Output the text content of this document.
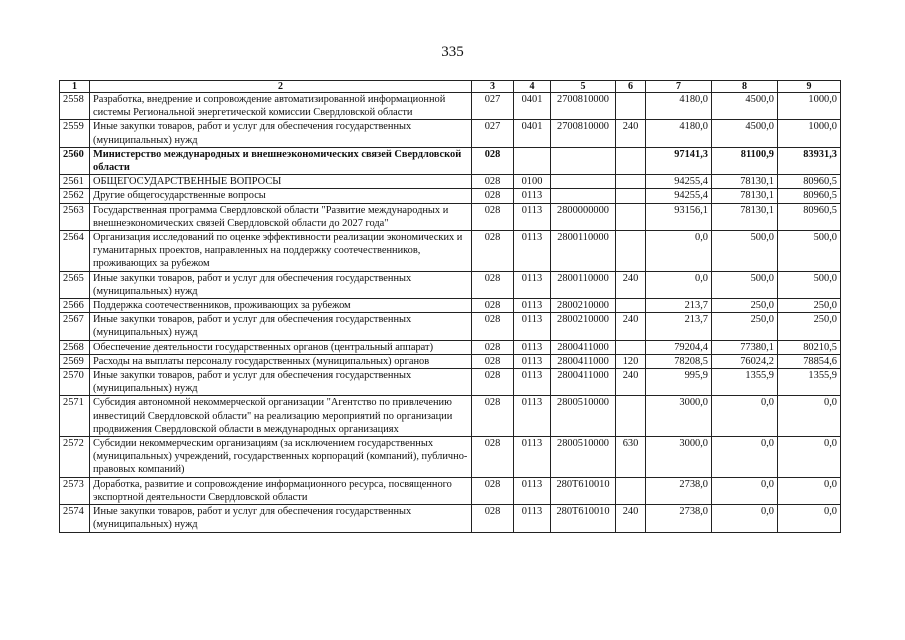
335
1	2	3	4	5	6	7	8	9
2558	Разработка, внедрение и сопровождение автоматизированной информационной системы Региональной энергетической комиссии Свердловской области	027	0401	2700810000		4180,0	4500,0	1000,0
2559	Иные закупки товаров, работ и услуг для обеспечения государственных (муниципальных) нужд	027	0401	2700810000	240	4180,0	4500,0	1000,0
2560	Министерство международных и внешнеэкономических связей Свердловской области	028				97141,3	81100,9	83931,3
2561	ОБЩЕГОСУДАРСТВЕННЫЕ ВОПРОСЫ	028	0100			94255,4	78130,1	80960,5
2562	Другие общегосударственные вопросы	028	0113			94255,4	78130,1	80960,5
2563	Государственная программа Свердловской области "Развитие международных и внешнеэкономических связей Свердловской области до 2027 года"	028	0113	2800000000		93156,1	78130,1	80960,5
2564	Организация исследований по оценке эффективности реализации экономических и гуманитарных проектов, направленных на поддержку соотечественников, проживающих за рубежом	028	0113	2800110000		0,0	500,0	500,0
2565	Иные закупки товаров, работ и услуг для обеспечения государственных (муниципальных) нужд	028	0113	2800110000	240	0,0	500,0	500,0
2566	Поддержка соотечественников, проживающих за рубежом	028	0113	2800210000		213,7	250,0	250,0
2567	Иные закупки товаров, работ и услуг для обеспечения государственных (муниципальных) нужд	028	0113	2800210000	240	213,7	250,0	250,0
2568	Обеспечение деятельности государственных органов (центральный аппарат)	028	0113	2800411000		79204,4	77380,1	80210,5
2569	Расходы на выплаты персоналу государственных (муниципальных) органов	028	0113	2800411000	120	78208,5	76024,2	78854,6
2570	Иные закупки товаров, работ и услуг для обеспечения государственных (муниципальных) нужд	028	0113	2800411000	240	995,9	1355,9	1355,9
2571	Субсидия автономной некоммерческой организации "Агентство по привлечению инвестиций Свердловской области" на реализацию мероприятий по организации продвижения Свердловской области в международных организациях	028	0113	2800510000		3000,0	0,0	0,0
2572	Субсидии некоммерческим организациям (за исключением государственных (муниципальных) учреждений, государственных корпораций (компаний), публично-правовых компаний)	028	0113	2800510000	630	3000,0	0,0	0,0
2573	Доработка, развитие и сопровождение информационного ресурса, посвященного экспортной деятельности Свердловской области	028	0113	280Т610010		2738,0	0,0	0,0
2574	Иные закупки товаров, работ и услуг для обеспечения государственных (муниципальных) нужд	028	0113	280Т610010	240	2738,0	0,0	0,0
